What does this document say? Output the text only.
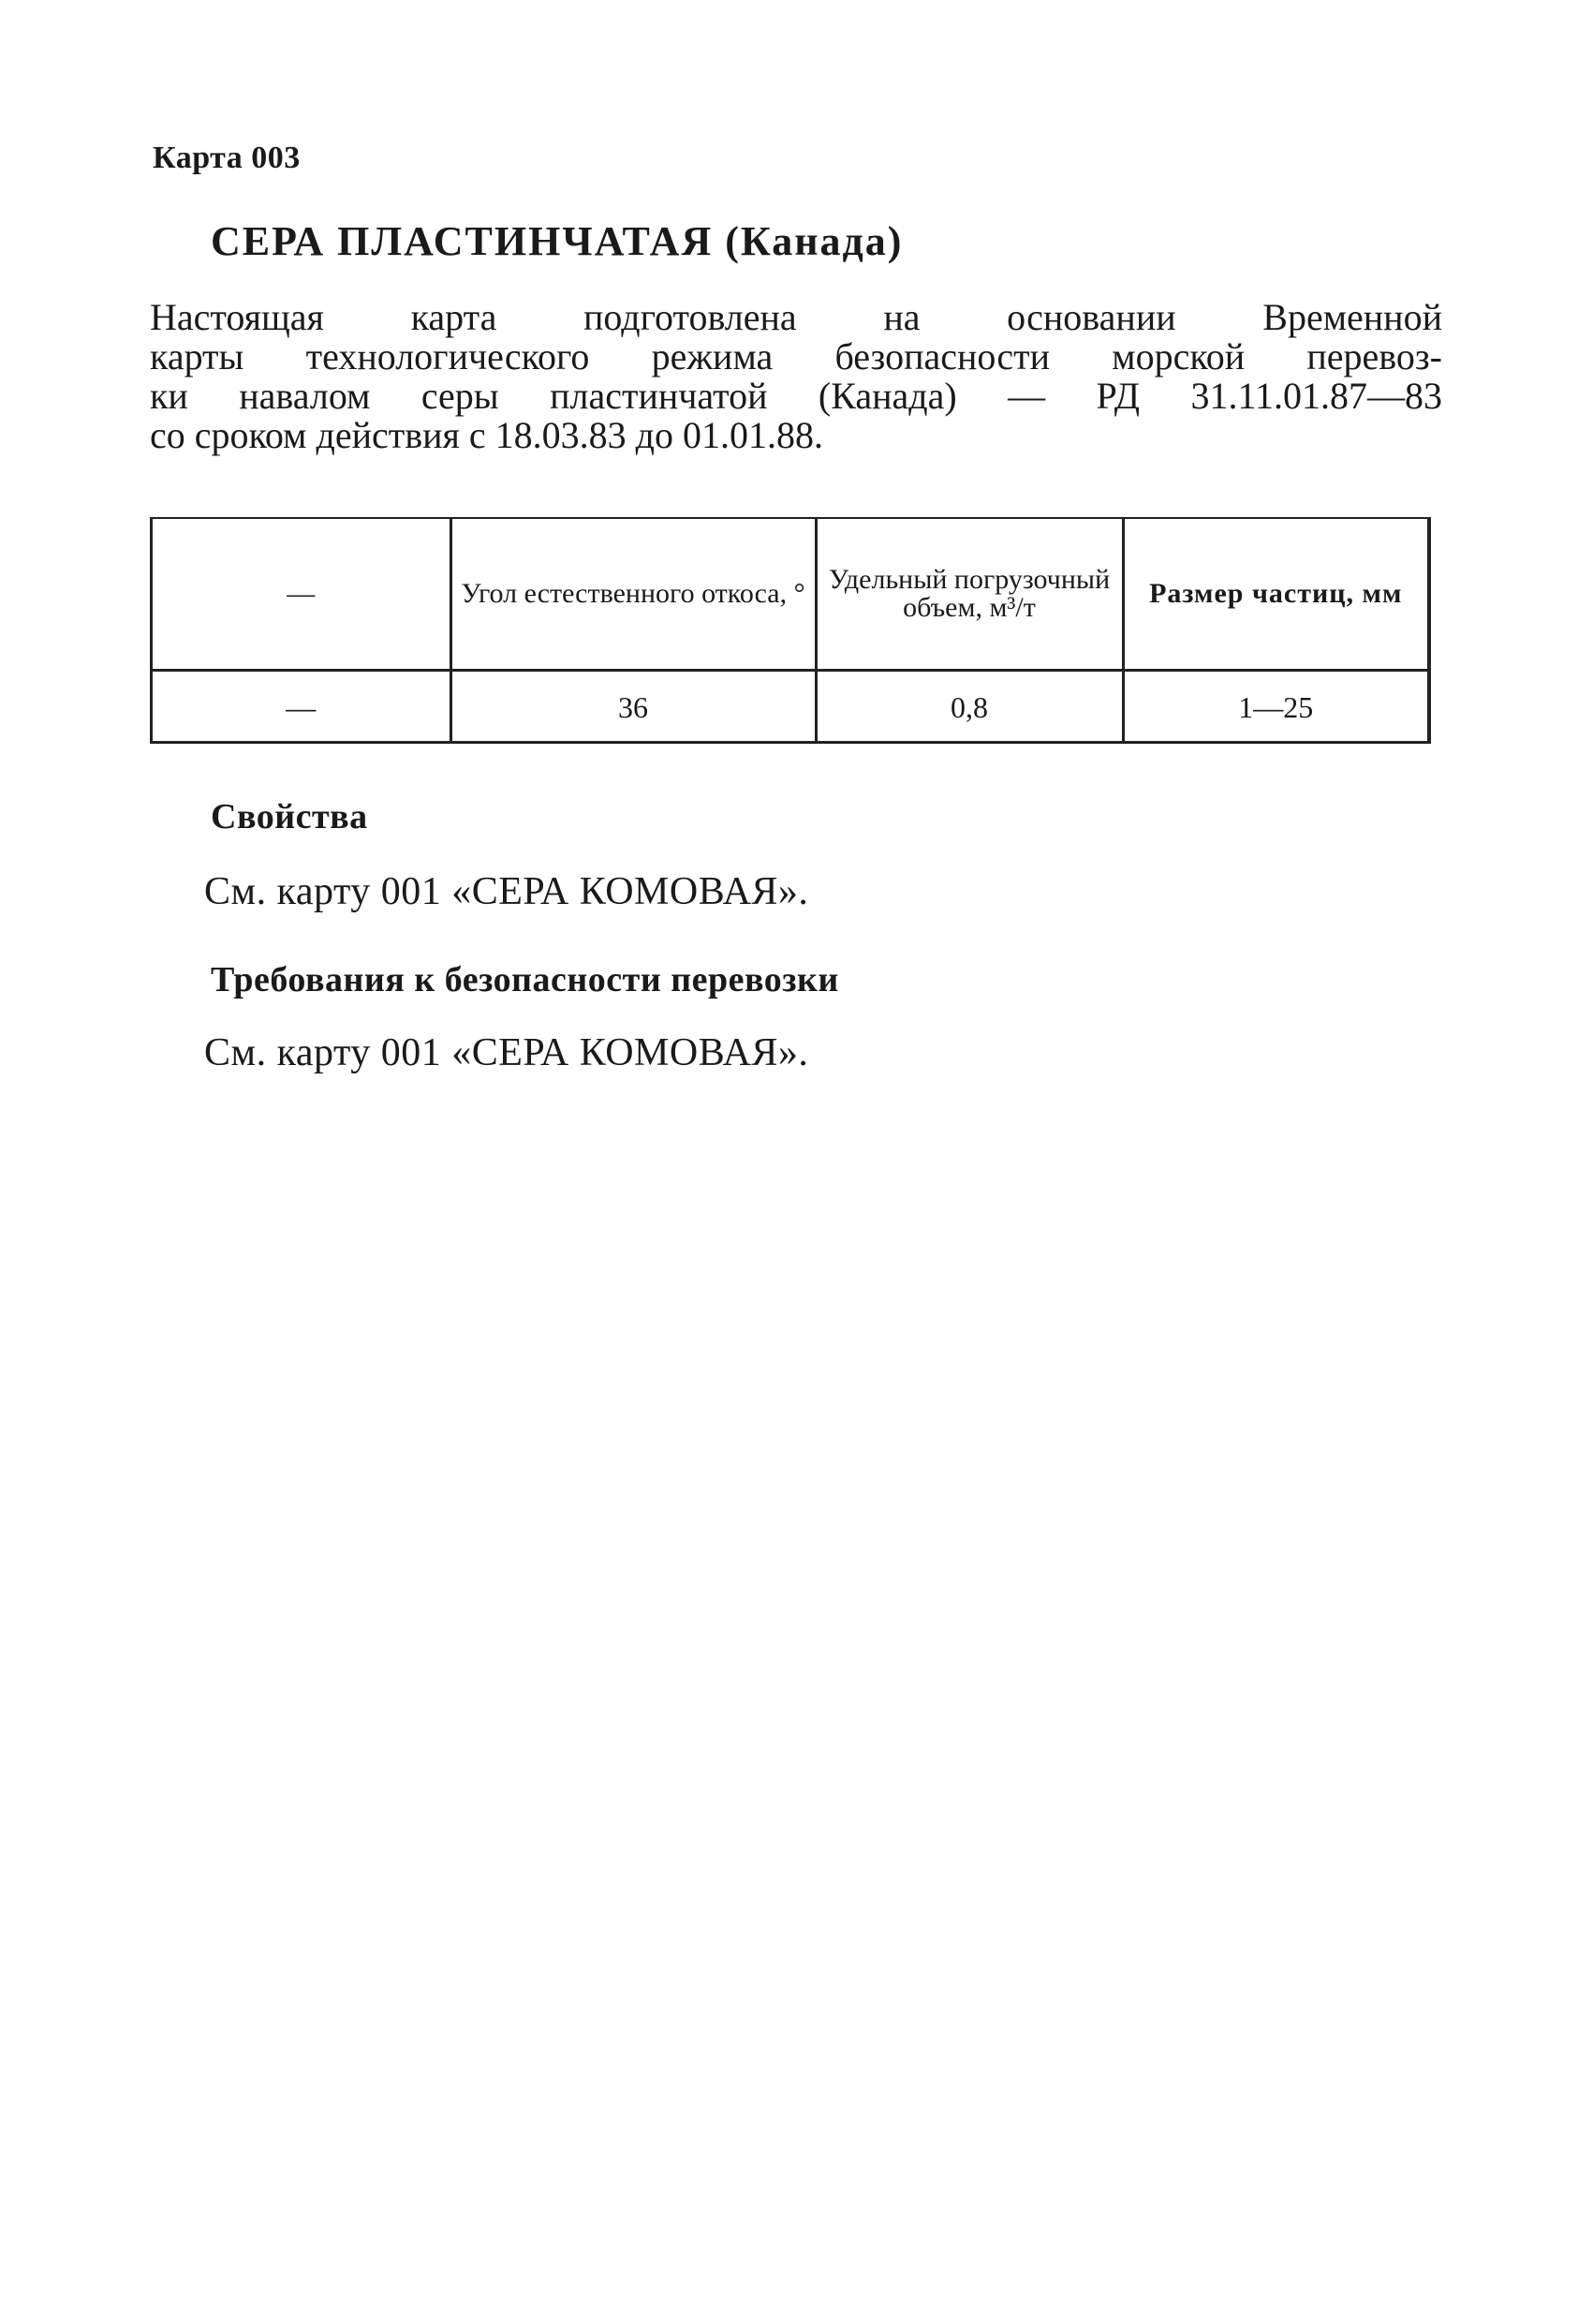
Карта 003
СЕРА ПЛАСТИНЧАТАЯ (Канада)
Настоящая карта подготовлена на основании Временной
карты технологического режима безопасности морской перевоз-
ки навалом серы пластинчатой (Канада) — РД 31.11.01.87—83
со сроком действия с 18.03.83 до 01.01.88.
—	Угол естественного откоса, °	Удельный погрузочный объем, м³/т	Размер частиц, мм
—	36	0,8	1—25
Свойства
См. карту 001 «СЕРА КОМОВАЯ».
Требования к безопасности перевозки
См. карту 001 «СЕРА КОМОВАЯ».
